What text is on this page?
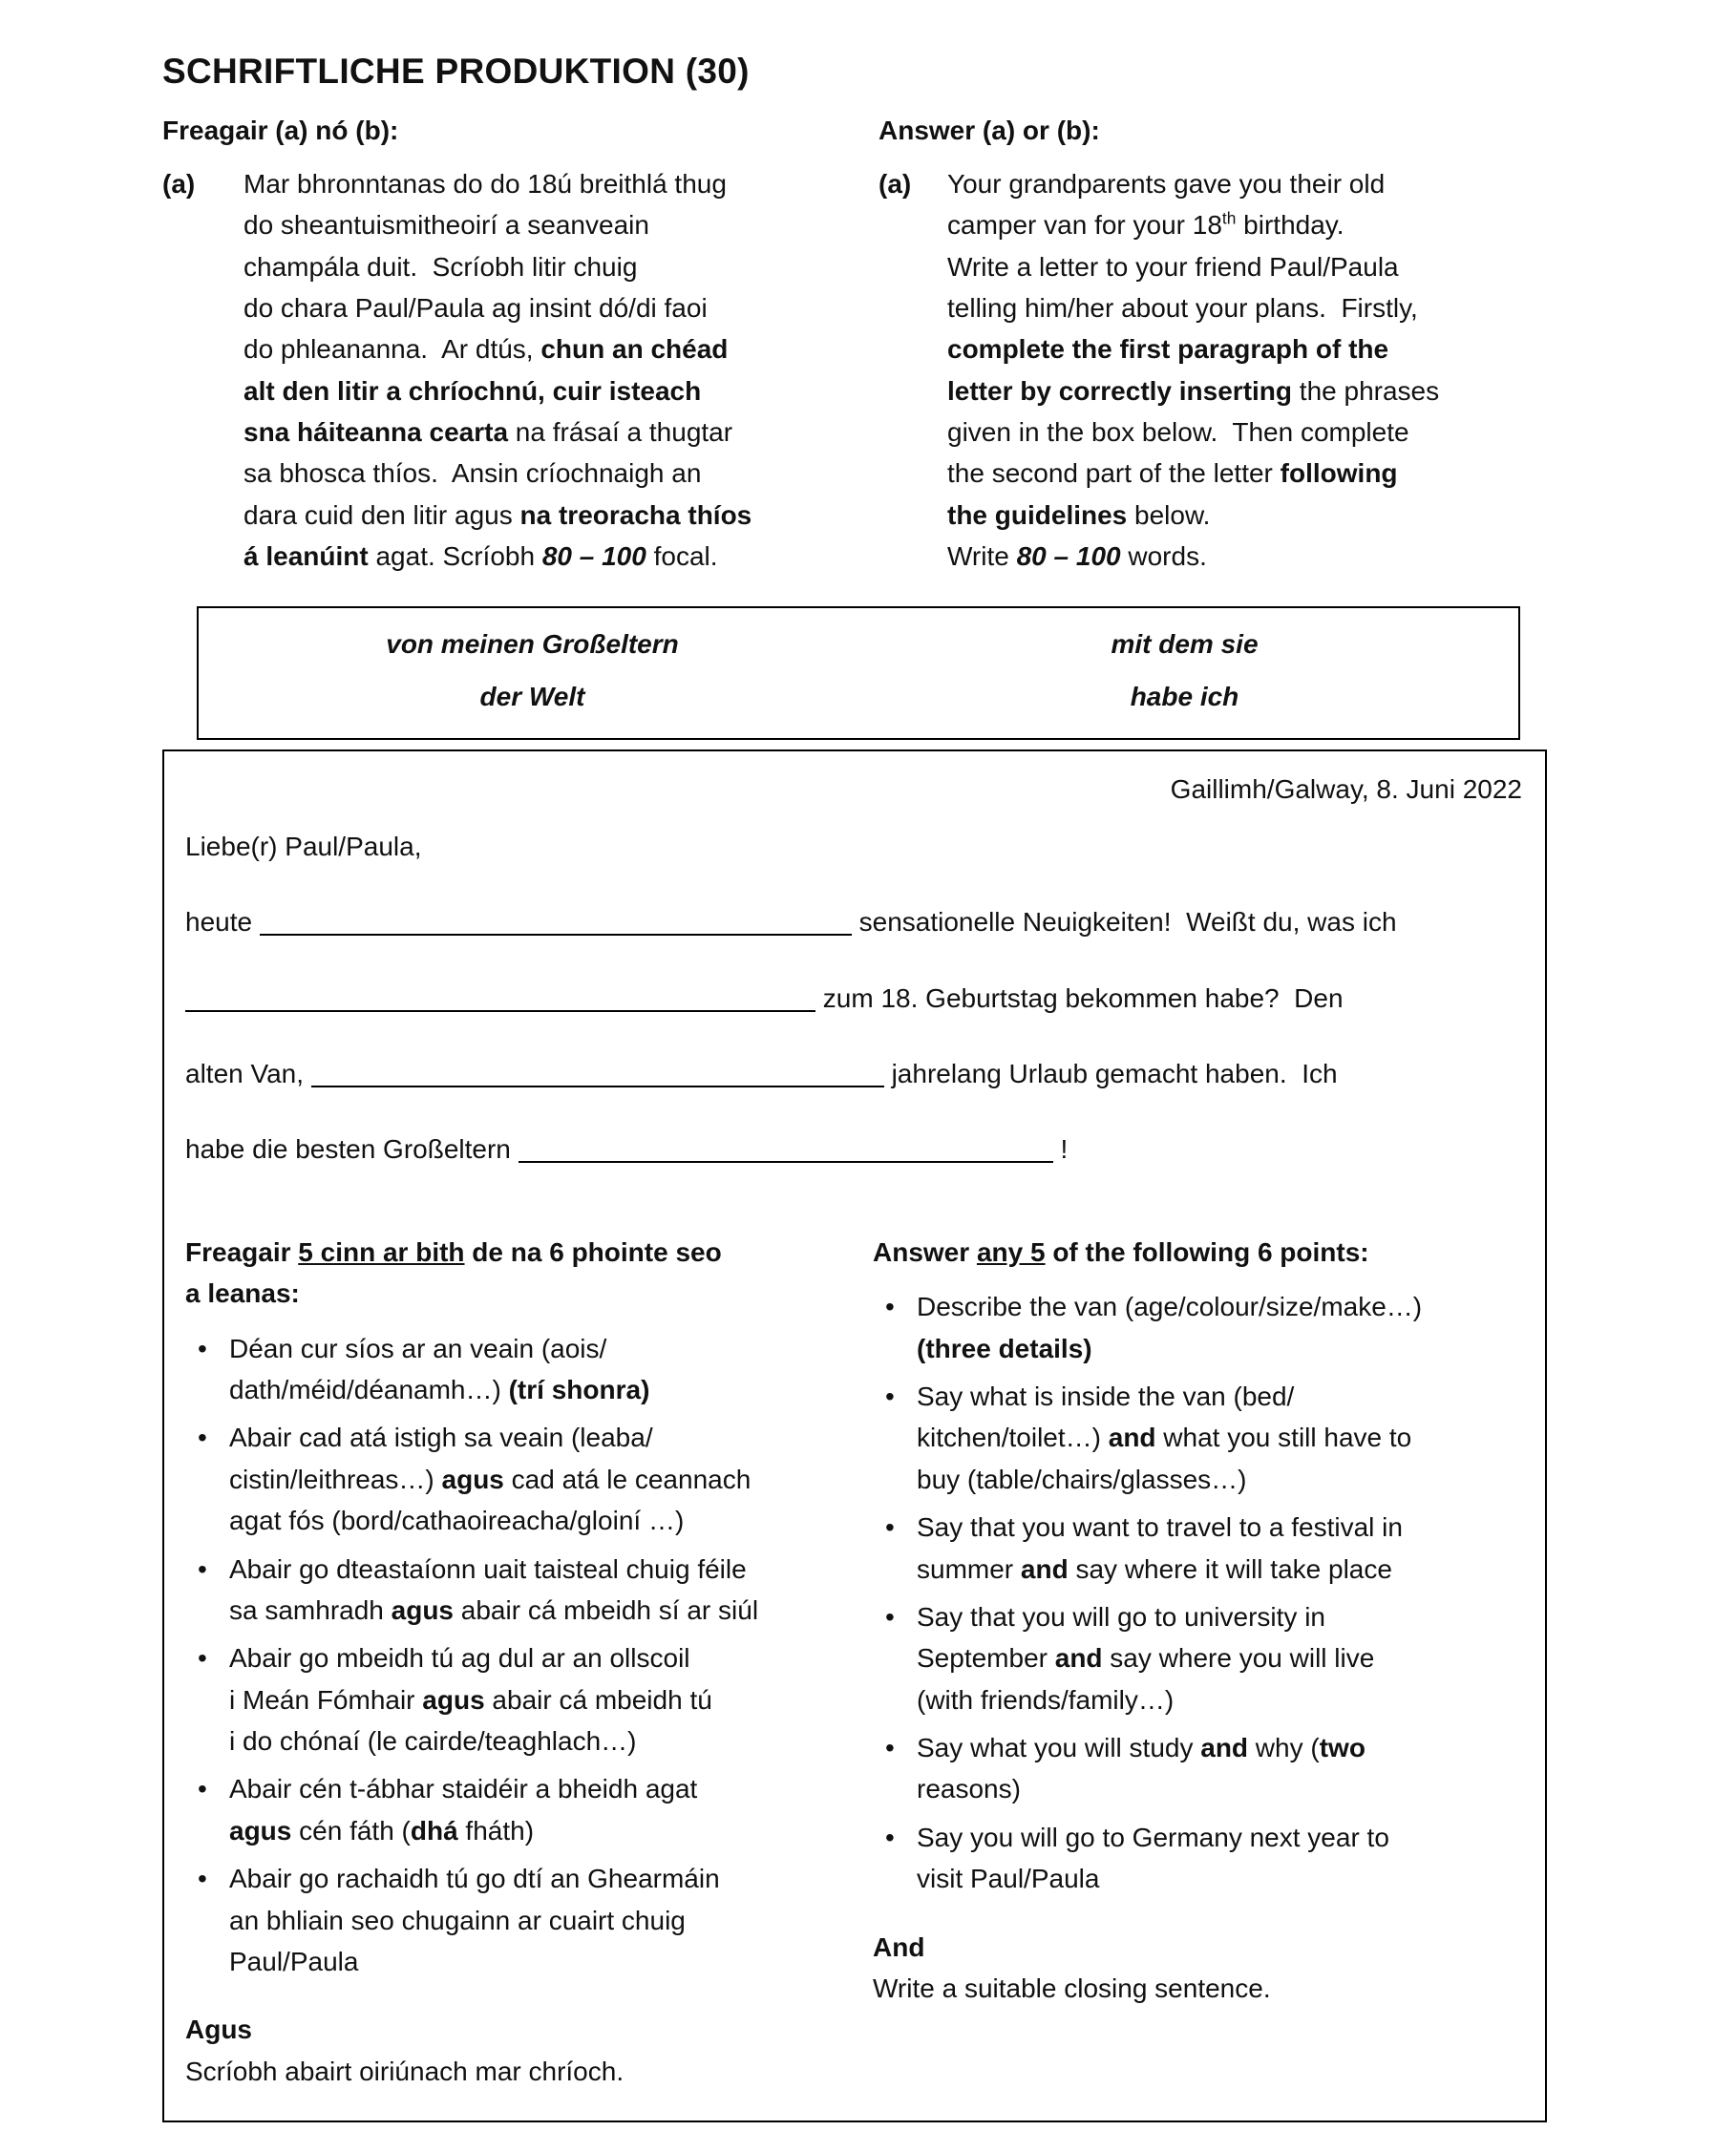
SCHRIFTLICHE PRODUKTION (30)
Freagair (a) nó (b):	Answer (a) or (b):
(a)	Mar bhronntanas do do 18ú breithlá thug
do sheantuismitheoirí a seanveain
champála duit.  Scríobh litir chuig
do chara Paul/Paula ag insint dó/di faoi
do phleananna.  Ar dtús, chun an chéad
alt den litir a chríochnú, cuir isteach
sna háiteanna cearta na frásaí a thugtar
sa bhosca thíos.  Ansin críochnaigh an
dara cuid den litir agus na treoracha thíos
á leanúint agat. Scríobh 80 – 100 focal.
(a)	Your grandparents gave you their old
camper van for your 18th birthday.
Write a letter to your friend Paul/Paula
telling him/her about your plans.  Firstly,
complete the first paragraph of the
letter by correctly inserting the phrases
given in the box below.  Then complete
the second part of the letter following
the guidelines below.
Write 80 – 100 words.
von meinen Großeltern	mit dem sie
der Welt	habe ich
Gaillimh/Galway, 8. Juni 2022
Liebe(r) Paul/Paula,
heute	sensationelle Neuigkeiten!  Weißt du, was ich
zum 18. Geburtstag bekommen habe?  Den
alten Van,	jahrelang Urlaub gemacht haben.  Ich
habe die besten Großeltern	!
Freagair 5 cinn ar bith de na 6 phointe seo
a leanas:
• Déan cur síos ar an veain (aois/
dath/méid/déanamh…) (trí shonra)
• Abair cad atá istigh sa veain (leaba/
cistin/leithreas…) agus cad atá le ceannach
agat fós (bord/cathaoireacha/gloiní …)
• Abair go dteastaíonn uait taisteal chuig féile
sa samhradh agus abair cá mbeidh sí ar siúl
• Abair go mbeidh tú ag dul ar an ollscoil
i Meán Fómhair agus abair cá mbeidh tú
i do chónaí (le cairde/teaghlach…)
• Abair cén t-ábhar staidéir a bheidh agat
agus cén fáth (dhá fháth)
• Abair go rachaidh tú go dtí an Ghearmáin
an bhliain seo chugainn ar cuairt chuig
Paul/Paula
Agus
Scríobh abairt oiriúnach mar chríoch.
Answer any 5 of the following 6 points:
• Describe the van (age/colour/size/make…)
(three details)
• Say what is inside the van (bed/
kitchen/toilet…) and what you still have to
buy (table/chairs/glasses…)
• Say that you want to travel to a festival in
summer and say where it will take place
• Say that you will go to university in
September and say where you will live
(with friends/family…)
• Say what you will study and why (two
reasons)
• Say you will go to Germany next year to
visit Paul/Paula
And
Write a suitable closing sentence.
